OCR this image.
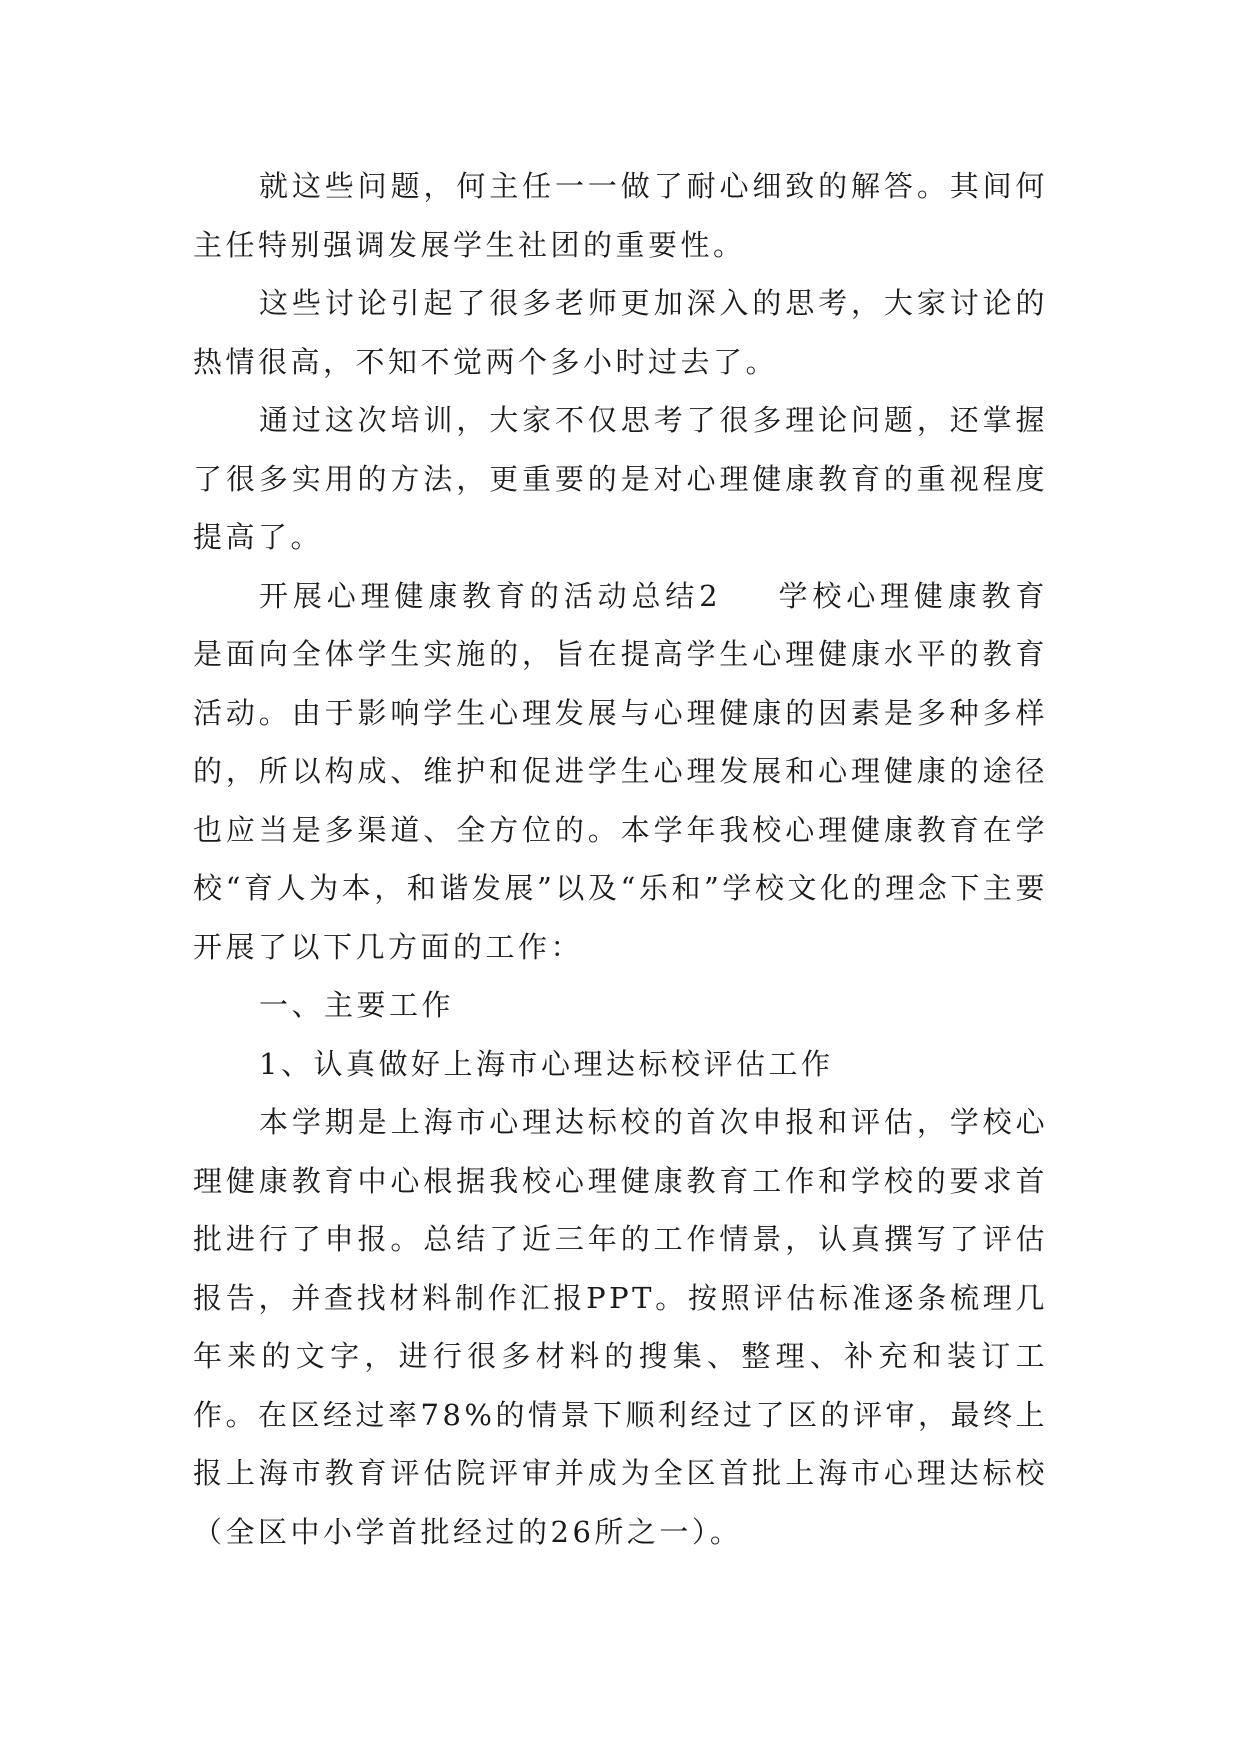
就这些问题，何主任一一做了耐心细致的解答。其间何主任特别强调发展学生社团的重要性。

这些讨论引起了很多老师更加深入的思考，大家讨论的热情很高，不知不觉两个多小时过去了。

通过这次培训，大家不仅思考了很多理论问题，还掌握了很多实用的方法，更重要的是对心理健康教育的重视程度提高了。

开展心理健康教育的活动总结2 学校心理健康教育是面向全体学生实施的，旨在提高学生心理健康水平的教育活动。由于影响学生心理发展与心理健康的因素是多种多样的，所以构成、维护和促进学生心理发展和心理健康的途径也应当是多渠道、全方位的。本学年我校心理健康教育在学校“育人为本，和谐发展”以及“乐和”学校文化的理念下主要开展了以下几方面的工作：

一、主要工作

1、认真做好上海市心理达标校评估工作

本学期是上海市心理达标校的首次申报和评估，学校心理健康教育中心根据我校心理健康教育工作和学校的要求首批进行了申报。总结了近三年的工作情景，认真撰写了评估报告，并查找材料制作汇报PPT。按照评估标准逐条梳理几年来的文字，进行很多材料的搜集、整理、补充和装订工作。在区经过率78%的情景下顺利经过了区的评审，最终上报上海市教育评估院评审并成为全区首批上海市心理达标校（全区中小学首批经过的26所之一）。
